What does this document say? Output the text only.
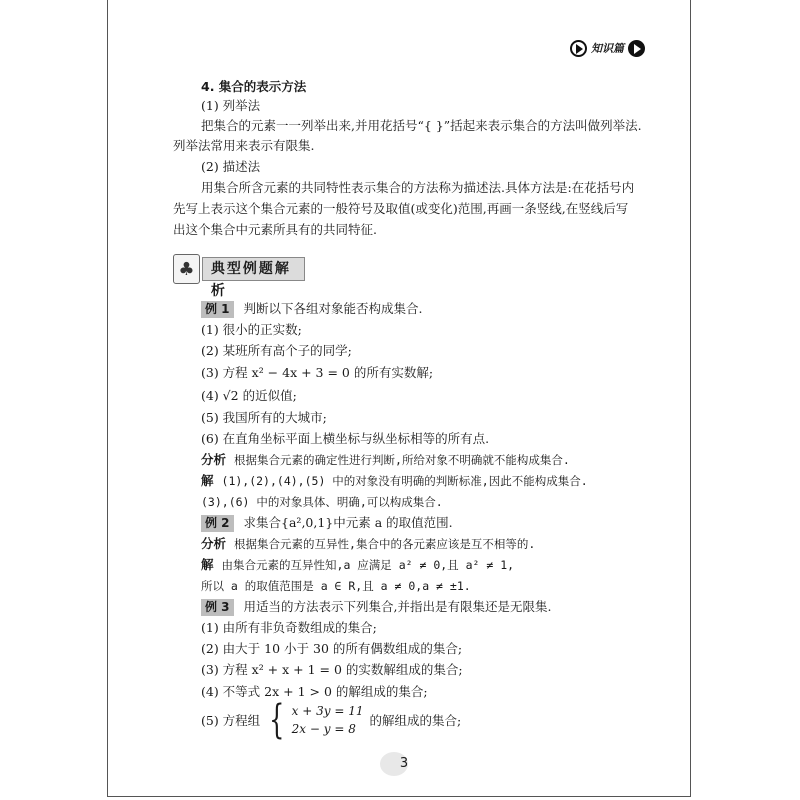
知识篇
4. 集合的表示方法
(1) 列举法
把集合的元素一一列举出来,并用花括号“{ }”括起来表示集合的方法叫做列举法.
列举法常用来表示有限集.
(2) 描述法
用集合所含元素的共同特性表示集合的方法称为描述法.具体方法是:在花括号内
先写上表示这个集合元素的一般符号及取值(或变化)范围,再画一条竖线,在竖线后写
出这个集合中元素所具有的共同特征.
♣	典型例题解析
例 1 判断以下各组对象能否构成集合.
(1) 很小的正实数;
(2) 某班所有高个子的同学;
(3) 方程 x² − 4x + 3 = 0 的所有实数解;
(4) √2 的近似值;
(5) 我国所有的大城市;
(6) 在直角坐标平面上横坐标与纵坐标相等的所有点.
分析 根据集合元素的确定性进行判断,所给对象不明确就不能构成集合.
解 (1),(2),(4),(5) 中的对象没有明确的判断标准,因此不能构成集合.
(3),(6) 中的对象具体、明确,可以构成集合.
例 2 求集合{a²,0,1}中元素 a 的取值范围.
分析 根据集合元素的互异性,集合中的各元素应该是互不相等的.
解 由集合元素的互异性知,a 应满足 a² ≠ 0,且 a² ≠ 1,
所以 a 的取值范围是 a ∈ R,且 a ≠ 0,a ≠ ±1.
例 3 用适当的方法表示下列集合,并指出是有限集还是无限集.
(1) 由所有非负奇数组成的集合;
(2) 由大于 10 小于 30 的所有偶数组成的集合;
(3) 方程 x² + x + 1 = 0 的实数解组成的集合;
(4) 不等式 2x + 1 > 0 的解组成的集合;
(5) 方程组 { x + 3y = 11
2x − y = 8
的解组成的集合;
3
